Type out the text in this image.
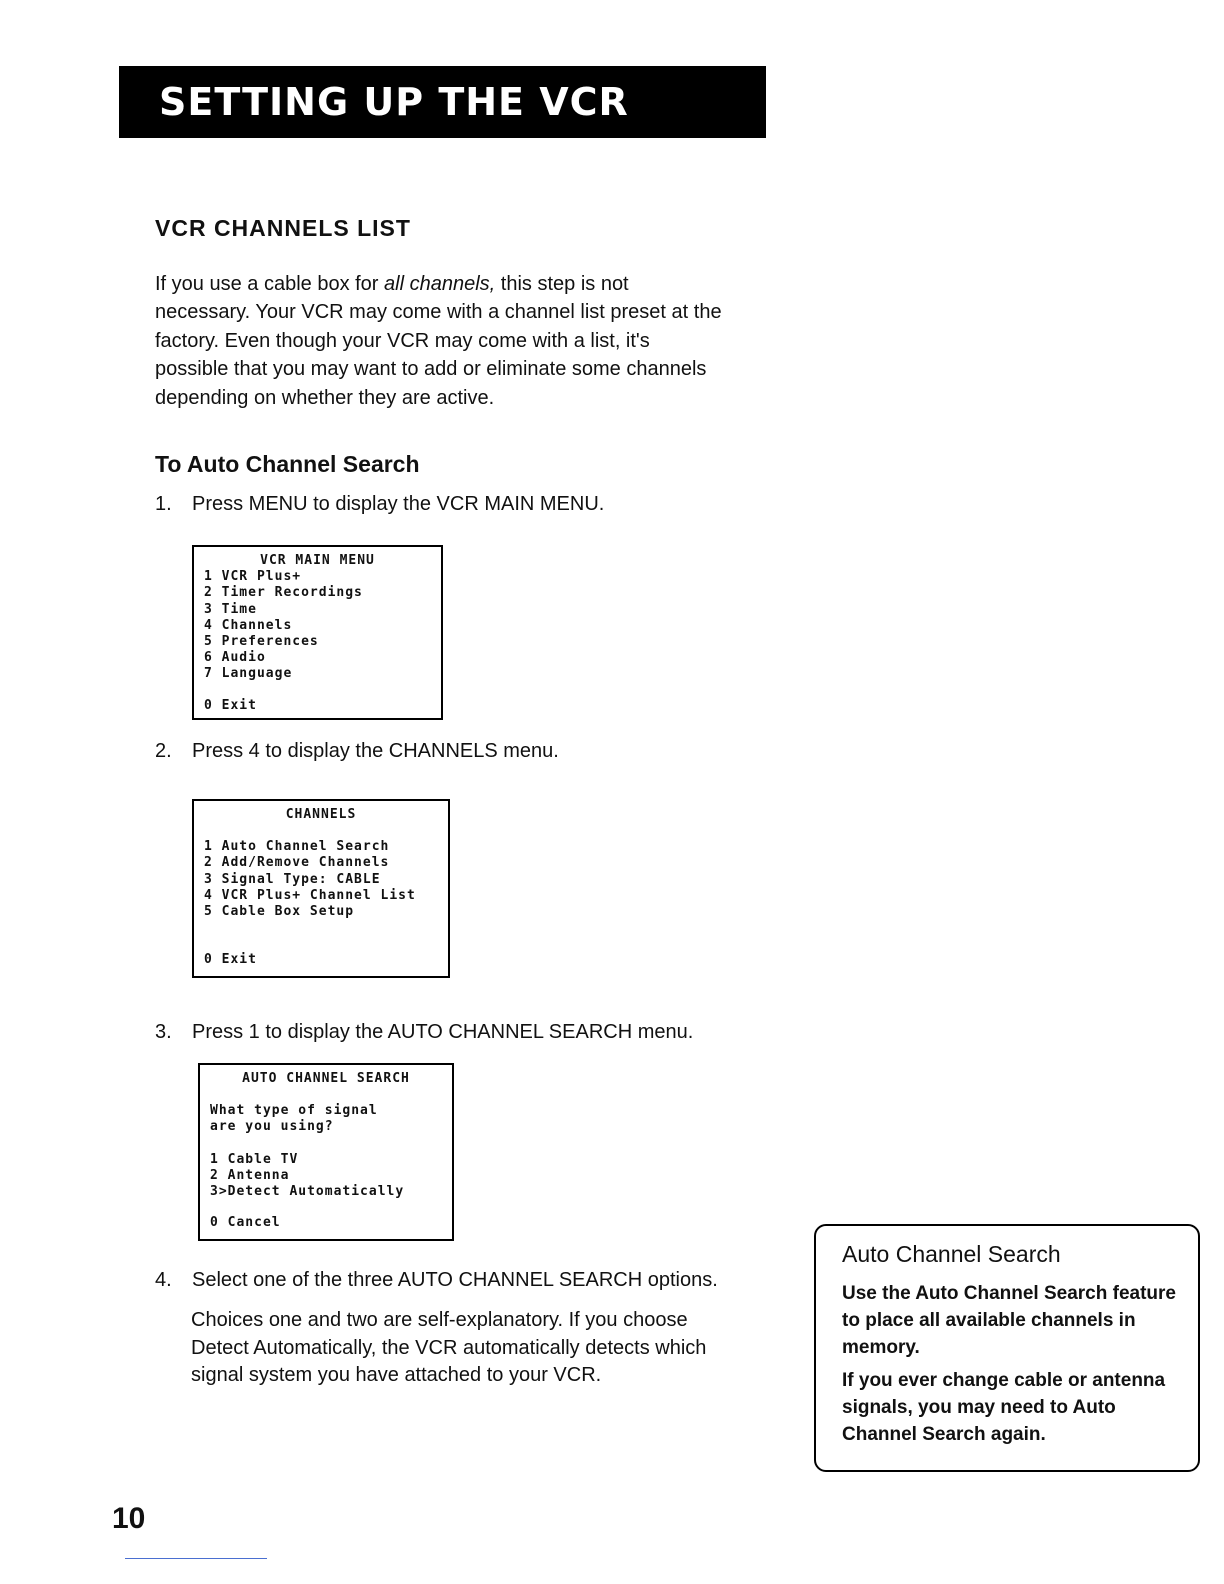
SETTING UP THE VCR
VCR CHANNELS LIST

If you use a cable box for all channels, this step is not necessary. Your VCR may come with a channel list preset at the factory. Even though your VCR may come with a list, it's possible that you may want to add or eliminate some channels depending on whether they are active.

To Auto Channel Search
1. Press MENU to display the VCR MAIN MENU.
VCR MAIN MENU
1 VCR Plus+
2 Timer Recordings
3 Time
4 Channels
5 Preferences
6 Audio
7 Language
0 Exit
2. Press 4 to display the CHANNELS menu.
CHANNELS
1 Auto Channel Search
2 Add/Remove Channels
3 Signal Type: CABLE
4 VCR Plus+ Channel List
5 Cable Box Setup
0 Exit
3. Press 1 to display the AUTO CHANNEL SEARCH menu.
AUTO CHANNEL SEARCH
What type of signal
are you using?
1 Cable TV
2 Antenna
3>Detect Automatically
0 Cancel
4. Select one of the three AUTO CHANNEL SEARCH options.

Choices one and two are self-explanatory. If you choose Detect Automatically, the VCR automatically detects which signal system you have attached to your VCR.

Auto Channel Search

Use the Auto Channel Search feature to place all available channels in memory.

If you ever change cable or antenna signals, you may need to Auto Channel Search again.

10
